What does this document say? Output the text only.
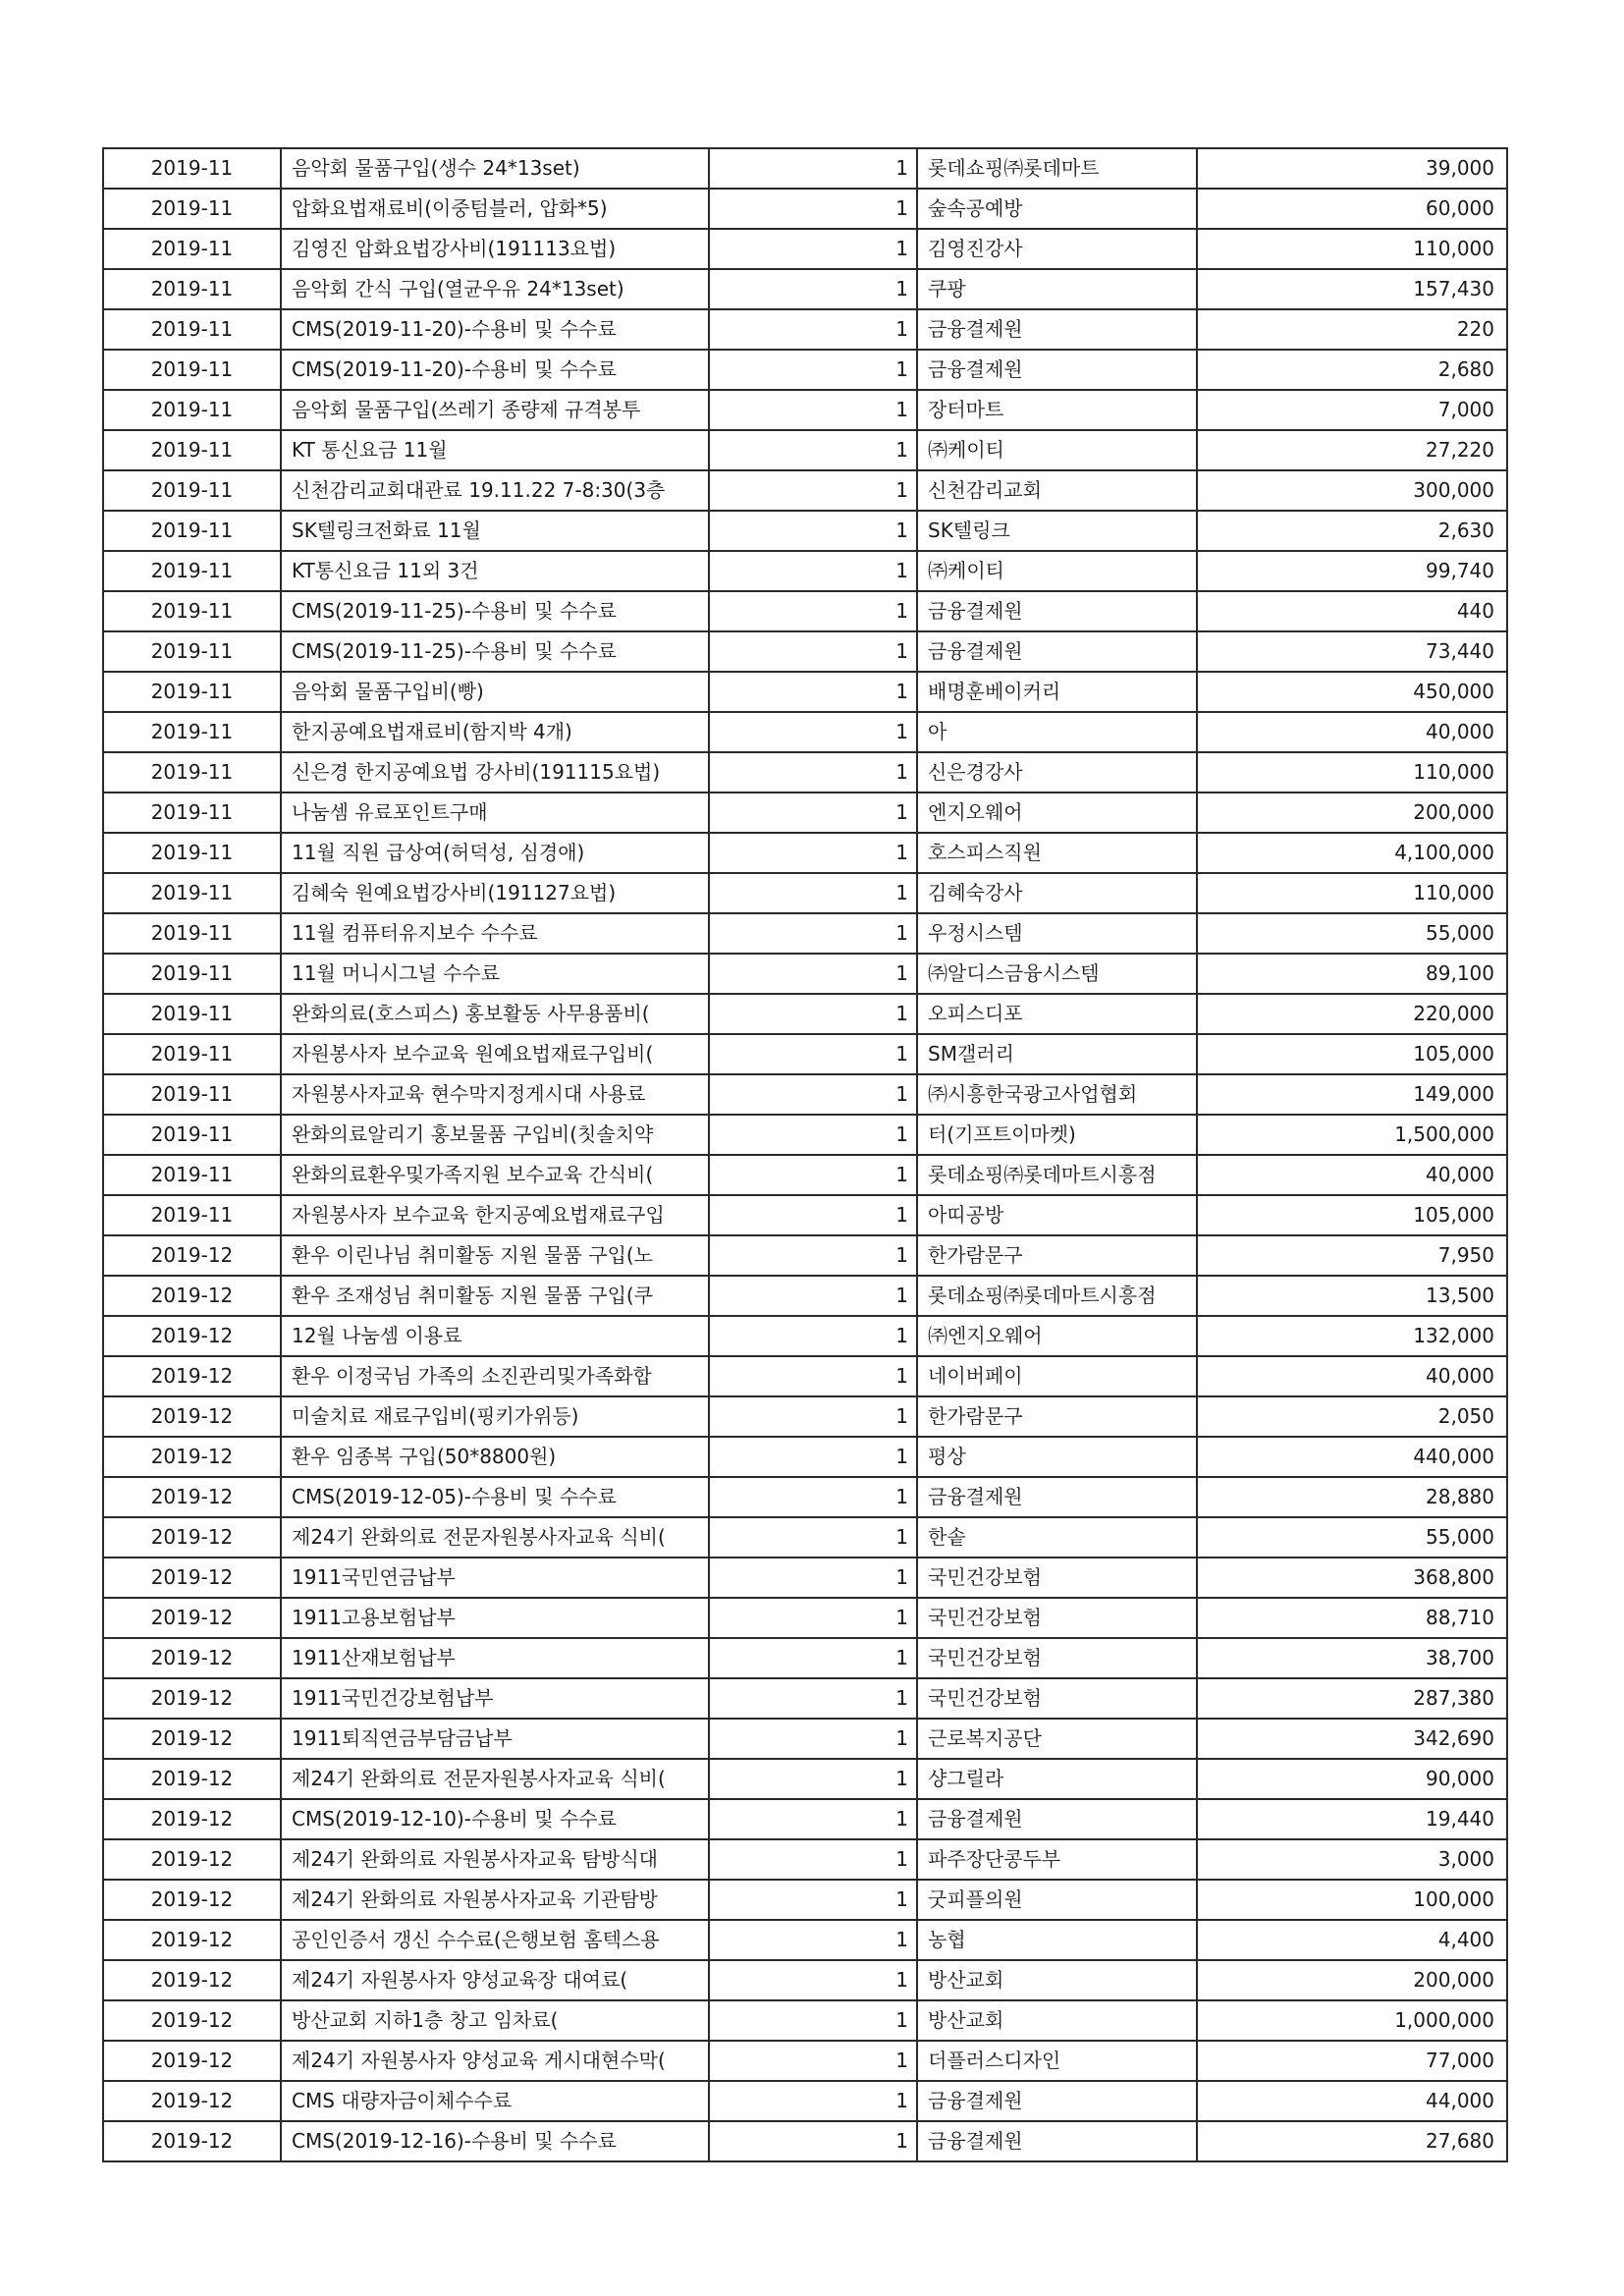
2019-11	음악회 물품구입(생수 24*13set)	1	롯데쇼핑㈜롯데마트	39,000
2019-11	압화요법재료비(이중텀블러, 압화*5)	1	숲속공예방	60,000
2019-11	김영진 압화요법강사비(191113요법)	1	김영진강사	110,000
2019-11	음악회 간식 구입(열균우유 24*13set)	1	쿠팡	157,430
2019-11	CMS(2019-11-20)-수용비 및 수수료	1	금융결제원	220
2019-11	CMS(2019-11-20)-수용비 및 수수료	1	금융결제원	2,680
2019-11	음악회 물품구입(쓰레기 종량제 규격봉투	1	장터마트	7,000
2019-11	KT 통신요금 11월	1	㈜케이티	27,220
2019-11	신천감리교회대관료 19.11.22 7-8:30(3층	1	신천감리교회	300,000
2019-11	SK텔링크전화료 11월	1	SK텔링크	2,630
2019-11	KT통신요금 11외 3건	1	㈜케이티	99,740
2019-11	CMS(2019-11-25)-수용비 및 수수료	1	금융결제원	440
2019-11	CMS(2019-11-25)-수용비 및 수수료	1	금융결제원	73,440
2019-11	음악회 물품구입비(빵)	1	배명훈베이커리	450,000
2019-11	한지공예요법재료비(함지박 4개)	1	아	40,000
2019-11	신은경 한지공예요법 강사비(191115요법)	1	신은경강사	110,000
2019-11	나눔셈 유료포인트구매	1	엔지오웨어	200,000
2019-11	11월 직원 급상여(허덕성, 심경애)	1	호스피스직원	4,100,000
2019-11	김혜숙 원예요법강사비(191127요법)	1	김혜숙강사	110,000
2019-11	11월 컴퓨터유지보수 수수료	1	우정시스템	55,000
2019-11	11월 머니시그널 수수료	1	㈜알디스금융시스템	89,100
2019-11	완화의료(호스피스) 홍보활동 사무용품비(	1	오피스디포	220,000
2019-11	자원봉사자 보수교육 원예요법재료구입비(	1	SM갤러리	105,000
2019-11	자원봉사자교육 현수막지정게시대 사용료	1	㈜시흥한국광고사업협회	149,000
2019-11	완화의료알리기 홍보물품 구입비(칫솔치약	1	터(기프트이마켓)	1,500,000
2019-11	완화의료환우및가족지원 보수교육 간식비(	1	롯데쇼핑㈜롯데마트시흥점	40,000
2019-11	자원봉사자 보수교육 한지공예요법재료구입	1	아띠공방	105,000
2019-12	환우 이린나님 취미활동 지원 물품 구입(노	1	한가람문구	7,950
2019-12	환우 조재성님 취미활동 지원 물품 구입(쿠	1	롯데쇼핑㈜롯데마트시흥점	13,500
2019-12	12월 나눔셈 이용료	1	㈜엔지오웨어	132,000
2019-12	환우 이정국님 가족의 소진관리및가족화합	1	네이버페이	40,000
2019-12	미술치료 재료구입비(핑키가위등)	1	한가람문구	2,050
2019-12	환우 임종복 구입(50*8800원)	1	평상	440,000
2019-12	CMS(2019-12-05)-수용비 및 수수료	1	금융결제원	28,880
2019-12	제24기 완화의료 전문자원봉사자교육 식비(	1	한솥	55,000
2019-12	1911국민연금납부	1	국민건강보험	368,800
2019-12	1911고용보험납부	1	국민건강보험	88,710
2019-12	1911산재보험납부	1	국민건강보험	38,700
2019-12	1911국민건강보험납부	1	국민건강보험	287,380
2019-12	1911퇴직연금부담금납부	1	근로복지공단	342,690
2019-12	제24기 완화의료 전문자원봉사자교육 식비(	1	샹그릴라	90,000
2019-12	CMS(2019-12-10)-수용비 및 수수료	1	금융결제원	19,440
2019-12	제24기 완화의료 자원봉사자교육 탐방식대	1	파주장단콩두부	3,000
2019-12	제24기 완화의료 자원봉사자교육 기관탐방	1	굿피플의원	100,000
2019-12	공인인증서 갱신 수수료(은행보험 홈텍스용	1	농협	4,400
2019-12	제24기 자원봉사자 양성교육장 대여료(	1	방산교회	200,000
2019-12	방산교회 지하1층 창고 임차료(	1	방산교회	1,000,000
2019-12	제24기 자원봉사자 양성교육 게시대현수막(	1	더플러스디자인	77,000
2019-12	CMS 대량자금이체수수료	1	금융결제원	44,000
2019-12	CMS(2019-12-16)-수용비 및 수수료	1	금융결제원	27,680
